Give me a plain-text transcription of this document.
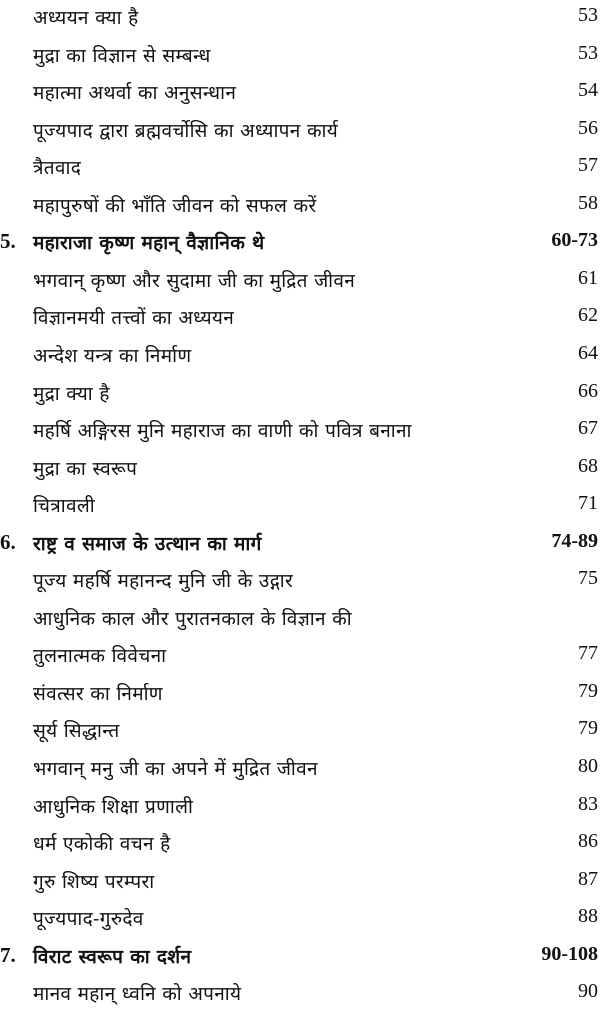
अध्ययन क्या है	53
मुद्रा का विज्ञान से सम्बन्ध	53
महात्मा अथर्वा का अनुसन्धान	54
पूज्यपाद द्वारा ब्रह्मवर्चोसि का अध्यापन कार्य	56
त्रैतवाद	57
महापुरुषों की भाँति जीवन को सफल करें	58
5. महाराजा कृष्ण महान् वैज्ञानिक थे	60-73
भगवान् कृष्ण और सुदामा जी का मुद्रित जीवन	61
विज्ञानमयी तत्त्वों का अध्ययन	62
अन्देश यन्त्र का निर्माण	64
मुद्रा क्या है	66
महर्षि अङ्गिरस मुनि महाराज का वाणी को पवित्र बनाना	67
मुद्रा का स्वरूप	68
चित्रावली	71
6. राष्ट्र व समाज के उत्थान का मार्ग	74-89
पूज्य महर्षि महानन्द मुनि जी के उद्गार	75
आधुनिक काल और पुरातनकाल के विज्ञान की
तुलनात्मक विवेचना	77
संवत्सर का निर्माण	79
सूर्य सिद्धान्त	79
भगवान् मनु जी का अपने में मुद्रित जीवन	80
आधुनिक शिक्षा प्रणाली	83
धर्म एकोकी वचन है	86
गुरु शिष्य परम्परा	87
पूज्यपाद-गुरुदेव	88
7. विराट स्वरूप का दर्शन	90-108
मानव महान् ध्वनि को अपनाये	90
